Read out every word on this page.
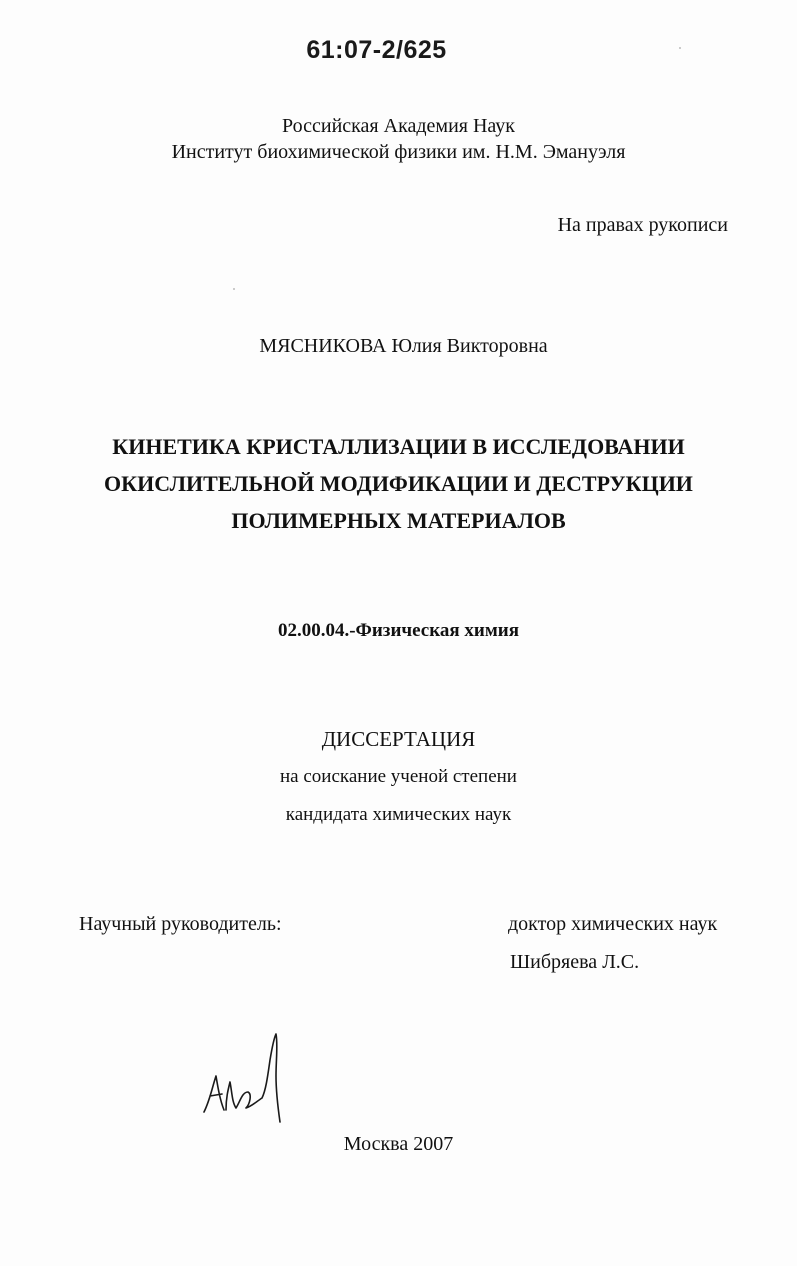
61:07-2/625
Российская Академия Наук
Институт биохимической физики им. Н.М. Эмануэля
На правах рукописи
МЯСНИКОВА Юлия Викторовна
КИНЕТИКА КРИСТАЛЛИЗАЦИИ В ИССЛЕДОВАНИИ
ОКИСЛИТЕЛЬНОЙ МОДИФИКАЦИИ И ДЕСТРУКЦИИ
ПОЛИМЕРНЫХ МАТЕРИАЛОВ
02.00.04.-Физическая химия
ДИССЕРТАЦИЯ
на соискание ученой степени
кандидата химических наук
Научный руководитель:	доктор химических наук
Шибряева Л.С.
Москва 2007
